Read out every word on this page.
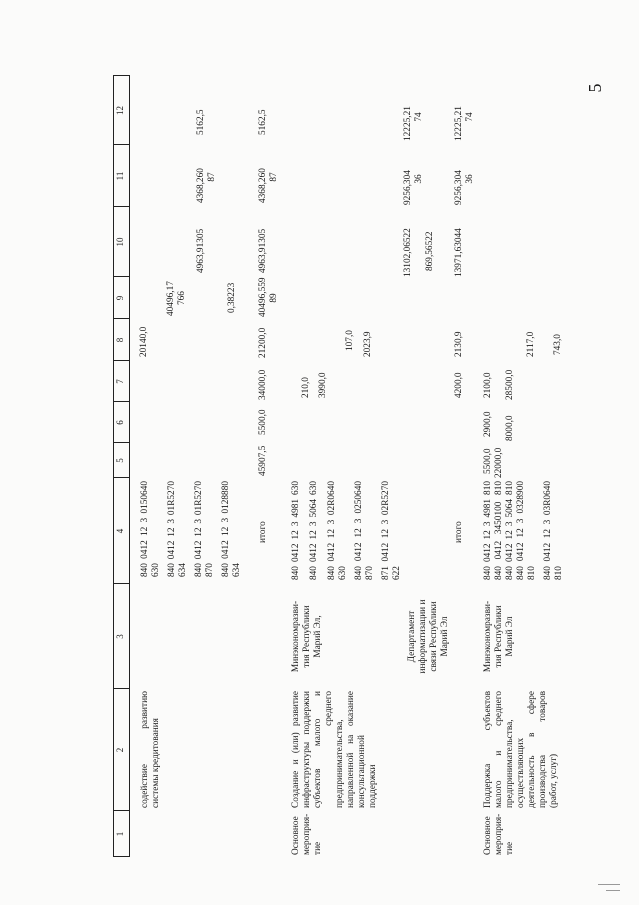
5
1
2
3
4
5
6
7
8
9
10
11
12
содействие развитию системы кредитования
840 0412 12 3 0150640 630 840 0412 12 3 01R5270 634 840 0412 12 3 01R5270 870 840 0412 12 3 0128880 634
20140,0
40496,17 766
4963,91305
4368,260 87
5162,5
0,38223
итого
45907,5
5500,0
34000,0
21200,0
40496,559 89
4963,91305
4368,260 87
5162,5
Основное мероприя- тие
Создание и (или) развитие инфраструктуры поддержки субъектов малого и среднего
предпринимательства, направленной на оказание консультационной поддержки
Минэкономразви- тия Республики Марий Эл,	Департамент информатизации и связи Республики Марий Эл
840 0412 12 3 4981 630 840 0412 12 3 5064 630 840 0412 12 3 02R0640 630 840 0412 12 3 0250640 870 871 0412 12 3 02R5270 622
210,0 3990,0
107,0 2023,9
13102,06522
9256,304 36
12225,21 74
869,56522
итого
4200,0
2130,9
13971,63044
9256,304 36
12225,21 74
Основное мероприя- тие
Поддержка субъектов малого и среднего предпринимательства, осуществляющих деятельность в сфере производства товаров (работ, услуг)
Минэкономразви- тия Республики Марий Эл
840 0412 12 3 4981 810 840 0412 3450100 810 840 0412 12 3 5064 810 840 0412 12 3 0328900 810 840 0412 12 3 03R0640 810
5500,0 22000,0
2900,0 8000,0
2100,0 28500,0
2117,0 743,0
